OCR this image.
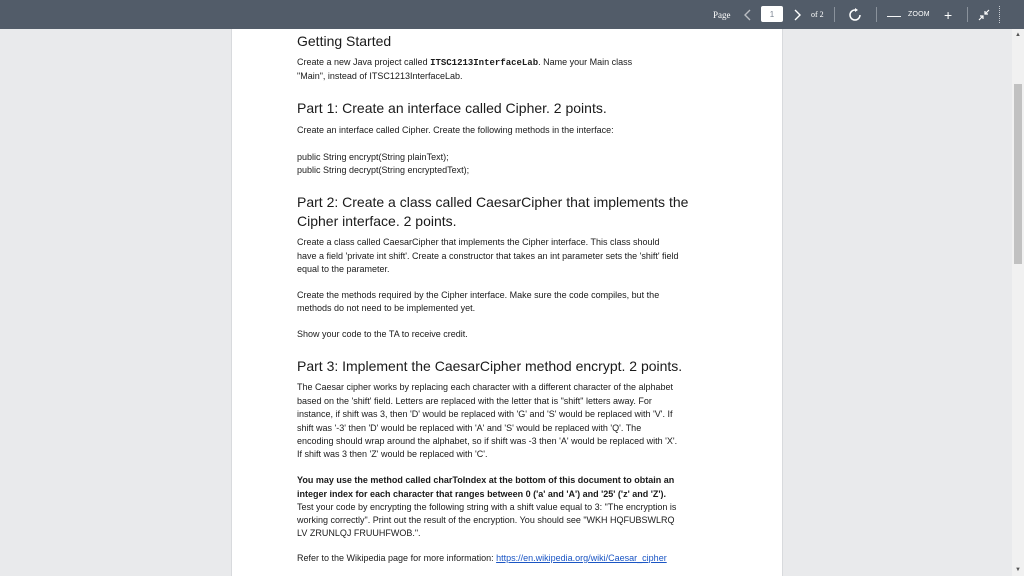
Page
1	of 2	— ZOOM +
Getting Started
Create a new Java project called ITSC1213InterfaceLab. Name your Main class
"Main", instead of ITSC1213InterfaceLab.
Part 1: Create an interface called Cipher. 2 points.
Create an interface called Cipher. Create the following methods in the interface:
public String encrypt(String plainText);
public String decrypt(String encryptedText);
Part 2: Create a class called CaesarCipher that implements the
Cipher interface. 2 points.
Create a class called CaesarCipher that implements the Cipher interface. This class should
have a field 'private int shift'. Create a constructor that takes an int parameter sets the 'shift' field
equal to the parameter.
Create the methods required by the Cipher interface. Make sure the code compiles, but the
methods do not need to be implemented yet.
Show your code to the TA to receive credit.
Part 3: Implement the CaesarCipher method encrypt. 2 points.
The Caesar cipher works by replacing each character with a different character of the alphabet
based on the 'shift' field. Letters are replaced with the letter that is "shift" letters away. For
instance, if shift was 3, then 'D' would be replaced with 'G' and 'S' would be replaced with 'V'. If
shift was '-3' then 'D' would be replaced with 'A' and 'S' would be replaced with 'Q'. The
encoding should wrap around the alphabet, so if shift was -3 then 'A' would be replaced with 'X'.
If shift was 3 then 'Z' would be replaced with 'C'.
You may use the method called charToIndex at the bottom of this document to obtain an
integer index for each character that ranges between 0 ('a' and 'A') and '25' ('z' and 'Z').
Test your code by encrypting the following string with a shift value equal to 3: "The encryption is
working correctly". Print out the result of the encryption. You should see "WKH HQFUBSWLRQ
LV ZRUNLQJ FRUUHFWOB.".
Refer to the Wikipedia page for more information: https://en.wikipedia.org/wiki/Caesar_cipher
▲
▼
